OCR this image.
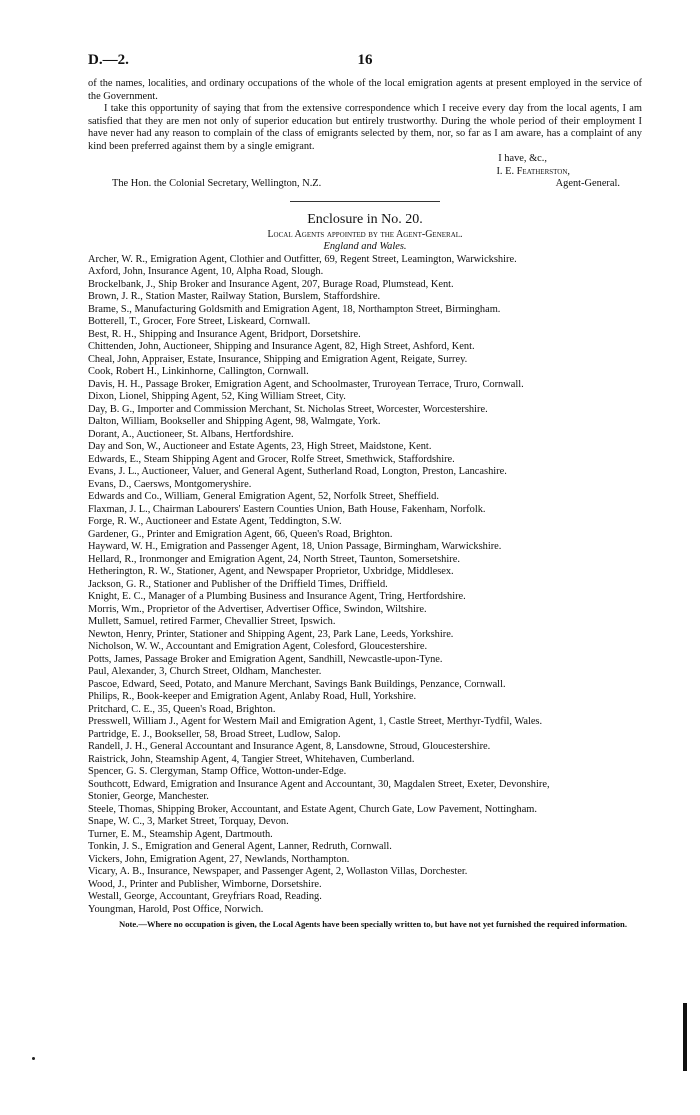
D.—2.	16

of the names, localities, and ordinary occupations of the whole of the local emigration agents at present employed in the service of the Government.

I take this opportunity of saying that from the extensive correspondence which I receive every day from the local agents, I am satisfied that they are men not only of superior education but entirely trustworthy. During the whole period of their employment I have never had any reason to complain of the class of emigrants selected by them, nor, so far as I am aware, has a complaint of any kind been preferred against them by a single emigrant.

I have, &c.,

I. E. Featherston,

The Hon. the Colonial Secretary, Wellington, N.Z.	Agent-General.
Enclosure in No. 20.
Local Agents appointed by the Agent-General.
England and Wales.

Archer, W. R., Emigration Agent, Clothier and Outfitter, 69, Regent Street, Leamington, Warwickshire.

Axford, John, Insurance Agent, 10, Alpha Road, Slough.

Brockelbank, J., Ship Broker and Insurance Agent, 207, Burage Road, Plumstead, Kent.

Brown, J. R., Station Master, Railway Station, Burslem, Staffordshire.

Brame, S., Manufacturing Goldsmith and Emigration Agent, 18, Northampton Street, Birmingham.

Botterell, T., Grocer, Fore Street, Liskeard, Cornwall.

Best, R. H., Shipping and Insurance Agent, Bridport, Dorsetshire.

Chittenden, John, Auctioneer, Shipping and Insurance Agent, 82, High Street, Ashford, Kent.

Cheal, John, Appraiser, Estate, Insurance, Shipping and Emigration Agent, Reigate, Surrey.

Cook, Robert H., Linkinhorne, Callington, Cornwall.

Davis, H. H., Passage Broker, Emigration Agent, and Schoolmaster, Truroyean Terrace, Truro, Cornwall.

Dixon, Lionel, Shipping Agent, 52, King William Street, City.

Day, B. G., Importer and Commission Merchant, St. Nicholas Street, Worcester, Worcestershire.

Dalton, William, Bookseller and Shipping Agent, 98, Walmgate, York.

Dorant, A., Auctioneer, St. Albans, Hertfordshire.

Day and Son, W., Auctioneer and Estate Agents, 23, High Street, Maidstone, Kent.

Edwards, E., Steam Shipping Agent and Grocer, Rolfe Street, Smethwick, Staffordshire.

Evans, J. L., Auctioneer, Valuer, and General Agent, Sutherland Road, Longton, Preston, Lancashire.

Evans, D., Caersws, Montgomeryshire.

Edwards and Co., William, General Emigration Agent, 52, Norfolk Street, Sheffield.

Flaxman, J. L., Chairman Labourers' Eastern Counties Union, Bath House, Fakenham, Norfolk.

Forge, R. W., Auctioneer and Estate Agent, Teddington, S.W.

Gardener, G., Printer and Emigration Agent, 66, Queen's Road, Brighton.

Hayward, W. H., Emigration and Passenger Agent, 18, Union Passage, Birmingham, Warwickshire.

Hellard, R., Ironmonger and Emigration Agent, 24, North Street, Taunton, Somersetshire.

Hetherington, R. W., Stationer, Agent, and Newspaper Proprietor, Uxbridge, Middlesex.

Jackson, G. R., Stationer and Publisher of the Driffield Times, Driffield.

Knight, E. C., Manager of a Plumbing Business and Insurance Agent, Tring, Hertfordshire.

Morris, Wm., Proprietor of the Advertiser, Advertiser Office, Swindon, Wiltshire.

Mullett, Samuel, retired Farmer, Chevallier Street, Ipswich.

Newton, Henry, Printer, Stationer and Shipping Agent, 23, Park Lane, Leeds, Yorkshire.

Nicholson, W. W., Accountant and Emigration Agent, Colesford, Gloucestershire.

Potts, James, Passage Broker and Emigration Agent, Sandhill, Newcastle-upon-Tyne.

Paul, Alexander, 3, Church Street, Oldham, Manchester.

Pascoe, Edward, Seed, Potato, and Manure Merchant, Savings Bank Buildings, Penzance, Cornwall.

Philips, R., Book-keeper and Emigration Agent, Anlaby Road, Hull, Yorkshire.

Pritchard, C. E., 35, Queen's Road, Brighton.

Presswell, William J., Agent for Western Mail and Emigration Agent, 1, Castle Street, Merthyr-Tydfil, Wales.

Partridge, E. J., Bookseller, 58, Broad Street, Ludlow, Salop.

Randell, J. H., General Accountant and Insurance Agent, 8, Lansdowne, Stroud, Gloucestershire.

Raistrick, John, Steamship Agent, 4, Tangier Street, Whitehaven, Cumberland.

Spencer, G. S. Clergyman, Stamp Office, Wotton-under-Edge.

Southcott, Edward, Emigration and Insurance Agent and Accountant, 30, Magdalen Street, Exeter, Devonshire,

Stonier, George, Manchester.

Steele, Thomas, Shipping Broker, Accountant, and Estate Agent, Church Gate, Low Pavement, Nottingham.

Snape, W. C., 3, Market Street, Torquay, Devon.

Turner, E. M., Steamship Agent, Dartmouth.

Tonkin, J. S., Emigration and General Agent, Lanner, Redruth, Cornwall.

Vickers, John, Emigration Agent, 27, Newlands, Northampton.

Vicary, A. B., Insurance, Newspaper, and Passenger Agent, 2, Wollaston Villas, Dorchester.

Wood, J., Printer and Publisher, Wimborne, Dorsetshire.

Westall, George, Accountant, Greyfriars Road, Reading.

Youngman, Harold, Post Office, Norwich.

Note.—Where no occupation is given, the Local Agents have been specially written to, but have not yet furnished the required information.
